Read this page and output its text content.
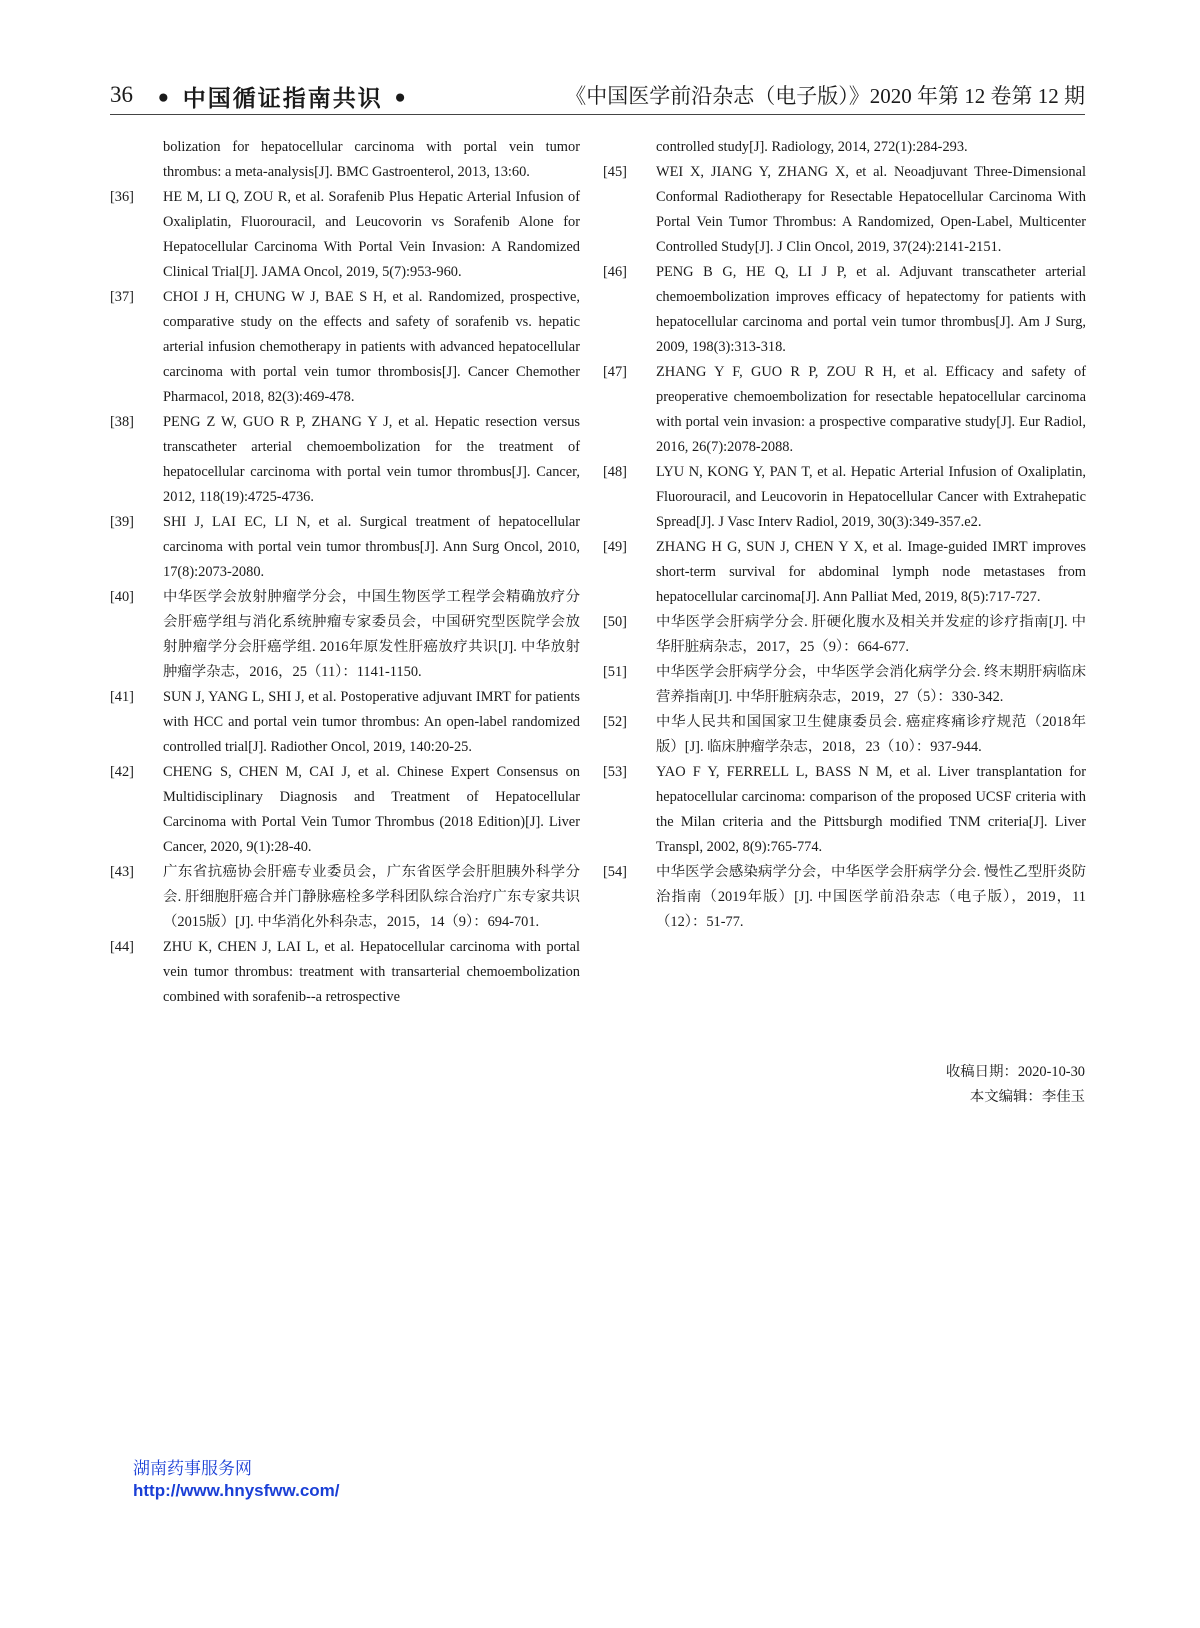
36 • 中国循证指南共识 •	《中国医学前沿杂志（电子版）》2020 年第 12 卷第 12 期
bolization for hepatocellular carcinoma with portal vein tumor thrombus: a meta-analysis[J]. BMC Gastroenterol, 2013, 13:60.
[36] HE M, LI Q, ZOU R, et al. Sorafenib Plus Hepatic Arterial Infusion of Oxaliplatin, Fluorouracil, and Leucovorin vs Sorafenib Alone for Hepatocellular Carcinoma With Portal Vein Invasion: A Randomized Clinical Trial[J]. JAMA Oncol, 2019, 5(7):953-960.
[37] CHOI J H, CHUNG W J, BAE S H, et al. Randomized, prospective, comparative study on the effects and safety of sorafenib vs. hepatic arterial infusion chemotherapy in patients with advanced hepatocellular carcinoma with portal vein tumor thrombosis[J]. Cancer Chemother Pharmacol, 2018, 82(3):469-478.
[38] PENG Z W, GUO R P, ZHANG Y J, et al. Hepatic resection versus transcatheter arterial chemoembolization for the treatment of hepatocellular carcinoma with portal vein tumor thrombus[J]. Cancer, 2012, 118(19):4725-4736.
[39] SHI J, LAI EC, LI N, et al. Surgical treatment of hepatocellular carcinoma with portal vein tumor thrombus[J]. Ann Surg Oncol, 2010, 17(8):2073-2080.
[40] 中华医学会放射肿瘤学分会，中国生物医学工程学会精确放疗分会肝癌学组与消化系统肿瘤专家委员会，中国研究型医院学会放射肿瘤学分会肝癌学组. 2016年原发性肝癌放疗共识[J]. 中华放射肿瘤学杂志，2016，25（11）：1141-1150.
[41] SUN J, YANG L, SHI J, et al. Postoperative adjuvant IMRT for patients with HCC and portal vein tumor thrombus: An open-label randomized controlled trial[J]. Radiother Oncol, 2019, 140:20-25.
[42] CHENG S, CHEN M, CAI J, et al. Chinese Expert Consensus on Multidisciplinary Diagnosis and Treatment of Hepatocellular Carcinoma with Portal Vein Tumor Thrombus (2018 Edition)[J]. Liver Cancer, 2020, 9(1):28-40.
[43] 广东省抗癌协会肝癌专业委员会，广东省医学会肝胆胰外科学分会. 肝细胞肝癌合并门静脉癌栓多学科团队综合治疗广东专家共识（2015版）[J]. 中华消化外科杂志，2015，14（9）：694-701.
[44] ZHU K, CHEN J, LAI L, et al. Hepatocellular carcinoma with portal vein tumor thrombus: treatment with transarterial chemoembolization combined with sorafenib--a retrospective
controlled study[J]. Radiology, 2014, 272(1):284-293.
[45] WEI X, JIANG Y, ZHANG X, et al. Neoadjuvant Three-Dimensional Conformal Radiotherapy for Resectable Hepatocellular Carcinoma With Portal Vein Tumor Thrombus: A Randomized, Open-Label, Multicenter Controlled Study[J]. J Clin Oncol, 2019, 37(24):2141-2151.
[46] PENG B G, HE Q, LI J P, et al. Adjuvant transcatheter arterial chemoembolization improves efficacy of hepatectomy for patients with hepatocellular carcinoma and portal vein tumor thrombus[J]. Am J Surg, 2009, 198(3):313-318.
[47] ZHANG Y F, GUO R P, ZOU R H, et al. Efficacy and safety of preoperative chemoembolization for resectable hepatocellular carcinoma with portal vein invasion: a prospective comparative study[J]. Eur Radiol, 2016, 26(7):2078-2088.
[48] LYU N, KONG Y, PAN T, et al. Hepatic Arterial Infusion of Oxaliplatin, Fluorouracil, and Leucovorin in Hepatocellular Cancer with Extrahepatic Spread[J]. J Vasc Interv Radiol, 2019, 30(3):349-357.e2.
[49] ZHANG H G, SUN J, CHEN Y X, et al. Image-guided IMRT improves short-term survival for abdominal lymph node metastases from hepatocellular carcinoma[J]. Ann Palliat Med, 2019, 8(5):717-727.
[50] 中华医学会肝病学分会. 肝硬化腹水及相关并发症的诊疗指南[J]. 中华肝脏病杂志，2017，25（9）：664-677.
[51] 中华医学会肝病学分会，中华医学会消化病学分会. 终末期肝病临床营养指南[J]. 中华肝脏病杂志，2019，27（5）：330-342.
[52] 中华人民共和国国家卫生健康委员会. 癌症疼痛诊疗规范（2018年版）[J]. 临床肿瘤学杂志，2018，23（10）：937-944.
[53] YAO F Y, FERRELL L, BASS N M, et al. Liver transplantation for hepatocellular carcinoma: comparison of the proposed UCSF criteria with the Milan criteria and the Pittsburgh modified TNM criteria[J]. Liver Transpl, 2002, 8(9):765-774.
[54] 中华医学会感染病学分会，中华医学会肝病学分会. 慢性乙型肝炎防治指南（2019年版）[J]. 中国医学前沿杂志（电子版），2019，11（12）：51-77.
收稿日期：2020-10-30
本文编辑：李佳玉
湖南药事服务网
http://www.hnysfww.com/
